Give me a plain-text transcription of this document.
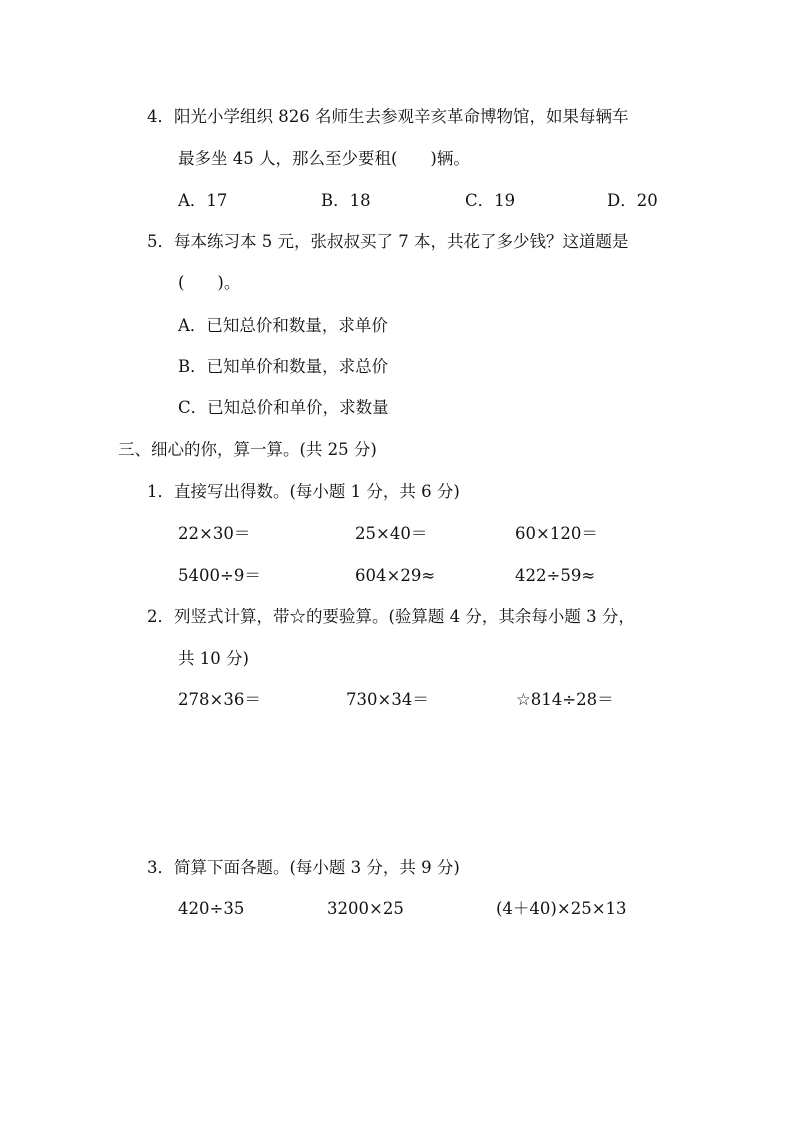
4．阳光小学组织 826 名师生去参观辛亥革命博物馆，如果每辆车
最多坐 45 人，那么至少要租(　　)辆。
A．17	B．18	C．19	D．20
5．每本练习本 5 元，张叔叔买了 7 本，共花了多少钱？这道题是
(　　)。
A．已知总价和数量，求单价
B．已知单价和数量，求总价
C．已知总价和单价，求数量
三、细心的你，算一算。(共 25 分)
1．直接写出得数。(每小题 1 分，共 6 分)
22×30＝	25×40＝	60×120＝
5400÷9＝	604×29≈	422÷59≈
2．列竖式计算，带☆的要验算。(验算题 4 分，其余每小题 3 分，
共 10 分)
278×36＝	730×34＝	☆814÷28＝
3．简算下面各题。(每小题 3 分，共 9 分)
420÷35	3200×25	(4＋40)×25×13
